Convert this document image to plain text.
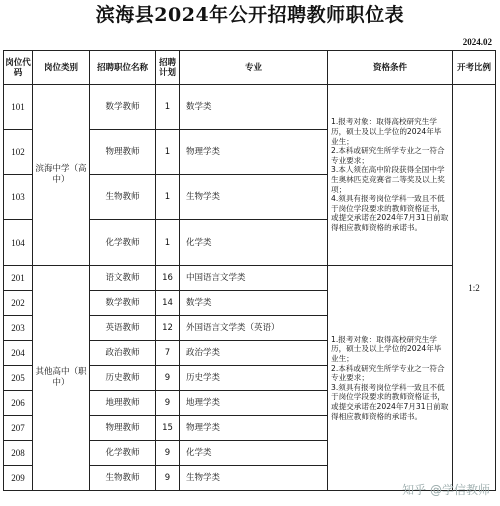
滨海县2024年公开招聘教师职位表
2024.02
岗位代码	岗位类别	招聘职位名称	招聘计划	专业	资格条件	开考比例
101	滨海中学（高中）	数学教师	1	数学类	1.报考对象：取得高校研究生学历，硕士及以上学位的2024年毕业生；
2.本科或研究生所学专业之一符合专业要求；
3.本人须在高中阶段获得全国中学生奥林匹克竞赛省二等奖及以上奖项；
4.须具有报考岗位学科一致且不低于岗位学段要求的教师资格证书，或提交承诺在2024年7月31日前取得相应教师资格的承诺书。	1:2
102		物理教师	1	物理学类		
103		生物教师	1	生物学类		
104		化学教师	1	化学类		
201	其他高中（职中）	语文教师	16	中国语言文学类	1.报考对象：取得高校研究生学历，硕士及以上学位的2024年毕业生；
2.本科或研究生所学专业之一符合专业要求；
3.须具有报考岗位学科一致且不低于岗位学段要求的教师资格证书，或提交承诺在2024年7月31日前取得相应教师资格的承诺书。	

202		数学教师	14	数学类		
203		英语教师	12	外国语言文学类（英语）		
204		政治教师	7	政治学类		
205		历史教师	9	历史学类		
206		地理教师	9	地理学类		
207		物理教师	15	物理学类		
208		化学教师	9	化学类		
209		生物教师	9	生物学类		
知乎 @学信教师
